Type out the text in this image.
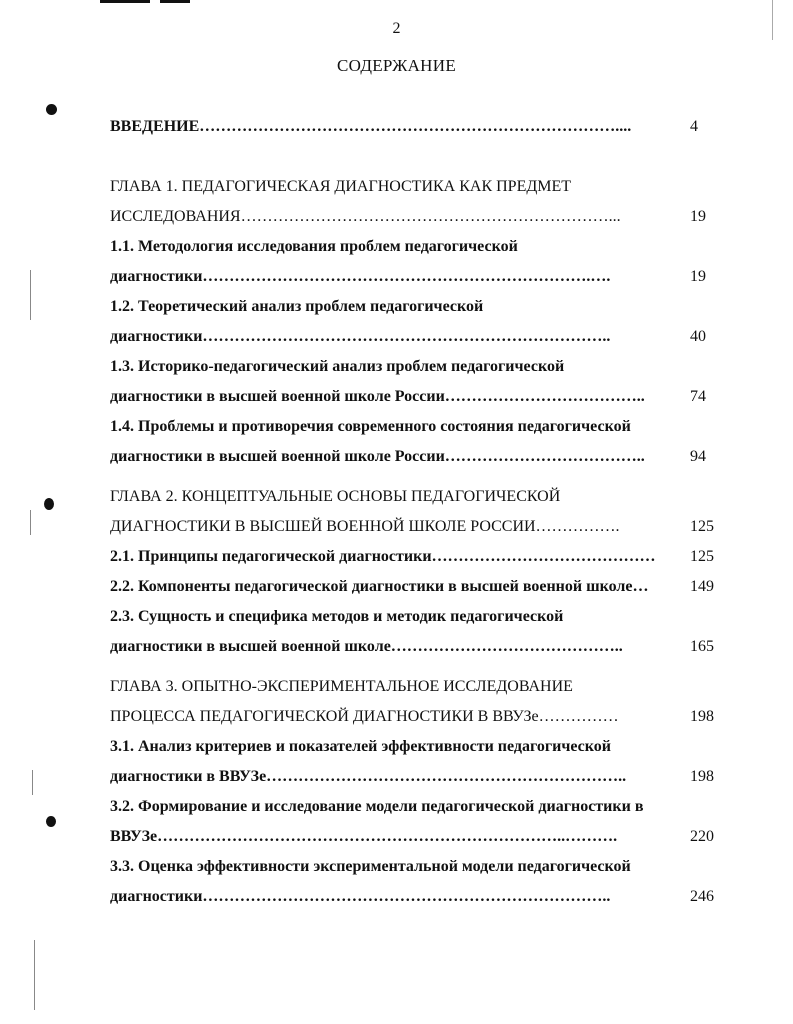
2
СОДЕРЖАНИЕ
ВВЕДЕНИЕ……………………………………………………………………....	4
ГЛАВА 1. ПЕДАГОГИЧЕСКАЯ ДИАГНОСТИКА КАК ПРЕДМЕТ
ИССЛЕДОВАНИЯ……………………………………………………………...	19
1.1. Методология исследования проблем педагогической
диагностики……………………………………………………………….….	19
1.2. Теоретический анализ проблем педагогической
диагностики…………………………………………………………………..	40
1.3. Историко-педагогический анализ проблем педагогической
диагностики в высшей военной школе России………………………………..	74
1.4. Проблемы и противоречия современного состояния педагогической
диагностики в высшей военной школе России………………………………..	94
ГЛАВА 2. КОНЦЕПТУАЛЬНЫЕ ОСНОВЫ ПЕДАГОГИЧЕСКОЙ
ДИАГНОСТИКИ В ВЫСШЕЙ ВОЕННОЙ ШКОЛЕ РОССИИ…………….	125
2.1. Принципы педагогической диагностики……………………………………	125
2.2. Компоненты педагогической диагностики в высшей военной школе…	149
2.3. Сущность и специфика методов и методик педагогической
диагностики в высшей военной школе……………………………………..	165
ГЛАВА 3. ОПЫТНО-ЭКСПЕРИМЕНТАЛЬНОЕ ИССЛЕДОВАНИЕ
ПРОЦЕССА ПЕДАГОГИЧЕСКОЙ ДИАГНОСТИКИ В ВВУЗе……………	198
3.1. Анализ критериев и показателей эффективности педагогической
диагностики в ВВУЗе…………………………………………………………..	198
3.2. Формирование и исследование модели педагогической диагностики в
ВВУЗе…………………………………………………………………..……….	220
3.3. Оценка эффективности экспериментальной модели педагогической
диагностики…………………………………………………………………..	246
